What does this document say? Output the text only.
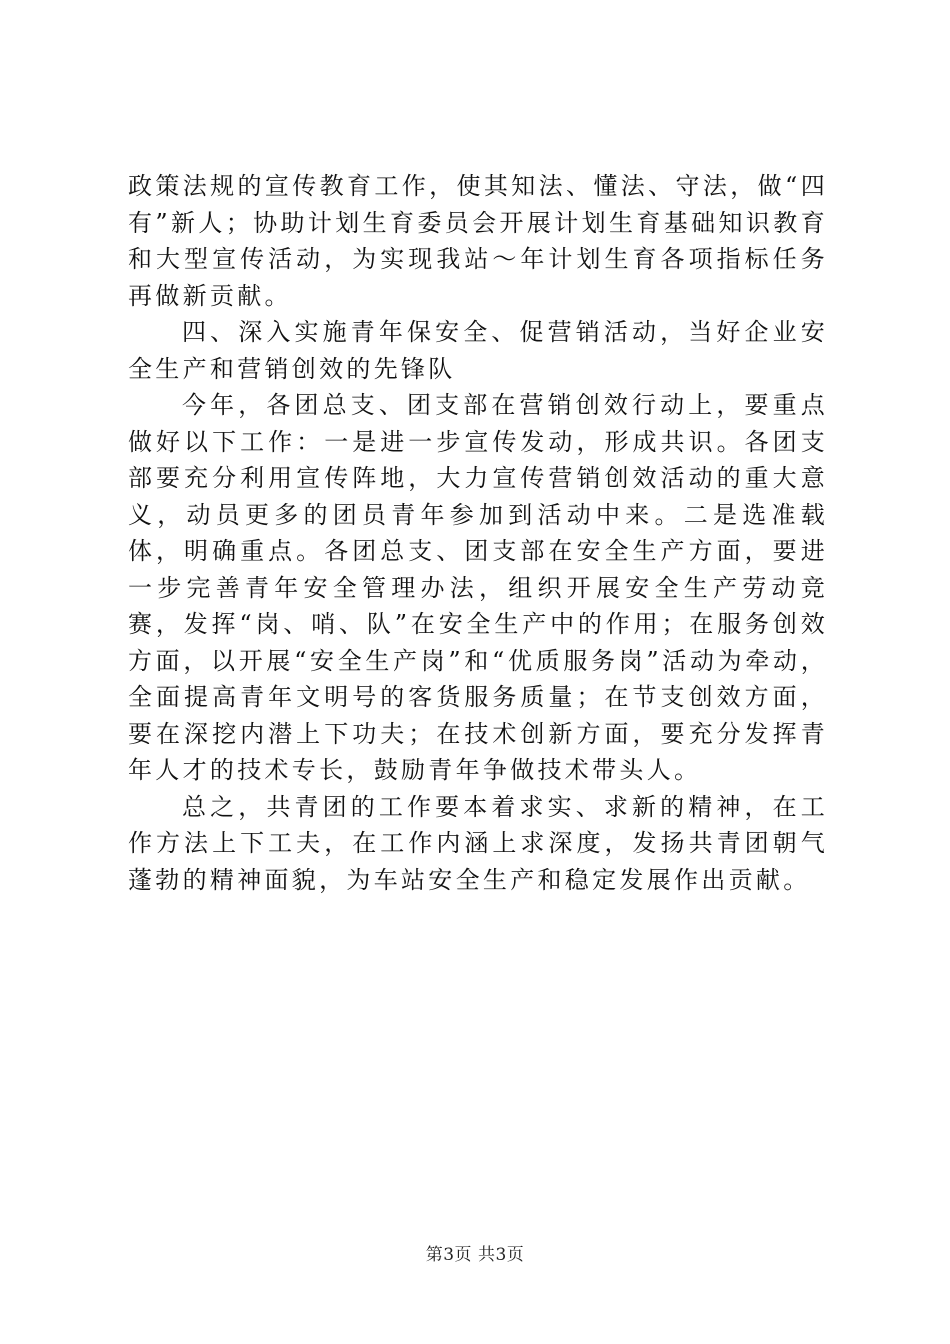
政策法规的宣传教育工作，使其知法、懂法、守法，做“四有”新人；协助计划生育委员会开展计划生育基础知识教育和大型宣传活动，为实现我站～年计划生育各项指标任务再做新贡献。

四、深入实施青年保安全、促营销活动，当好企业安全生产和营销创效的先锋队

今年，各团总支、团支部在营销创效行动上，要重点做好以下工作：一是进一步宣传发动，形成共识。各团支部要充分利用宣传阵地，大力宣传营销创效活动的重大意义，动员更多的团员青年参加到活动中来。二是选准载体，明确重点。各团总支、团支部在安全生产方面，要进一步完善青年安全管理办法，组织开展安全生产劳动竞赛，发挥“岗、哨、队”在安全生产中的作用；在服务创效方面，以开展“安全生产岗”和“优质服务岗”活动为牵动，全面提高青年文明号的客货服务质量；在节支创效方面，要在深挖内潜上下功夫；在技术创新方面，要充分发挥青年人才的技术专长，鼓励青年争做技术带头人。

总之，共青团的工作要本着求实、求新的精神，在工作方法上下工夫，在工作内涵上求深度，发扬共青团朝气蓬勃的精神面貌，为车站安全生产和稳定发展作出贡献。

第3页 共3页
